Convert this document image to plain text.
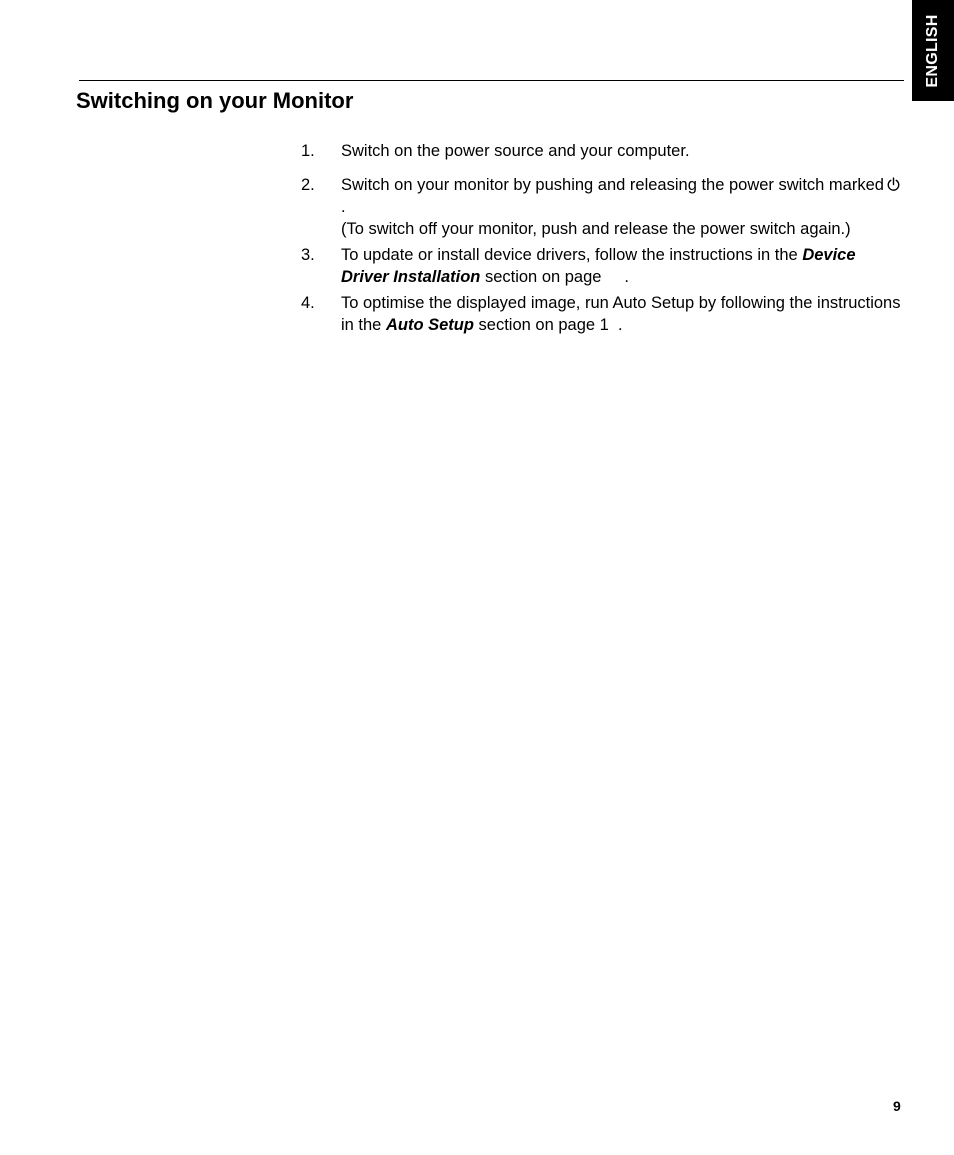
ENGLISH
Switching on your Monitor
1. Switch on the power source and your computer.
2. Switch on your monitor by pushing and releasing the power switch marked .
(To switch off your monitor, push and release the power switch again.)
3. To update or install device drivers, follow the instructions in the Device Driver Installation section on page     .
4. To optimise the displayed image, run Auto Setup by following the instructions in the Auto Setup section on page 1  .
9
